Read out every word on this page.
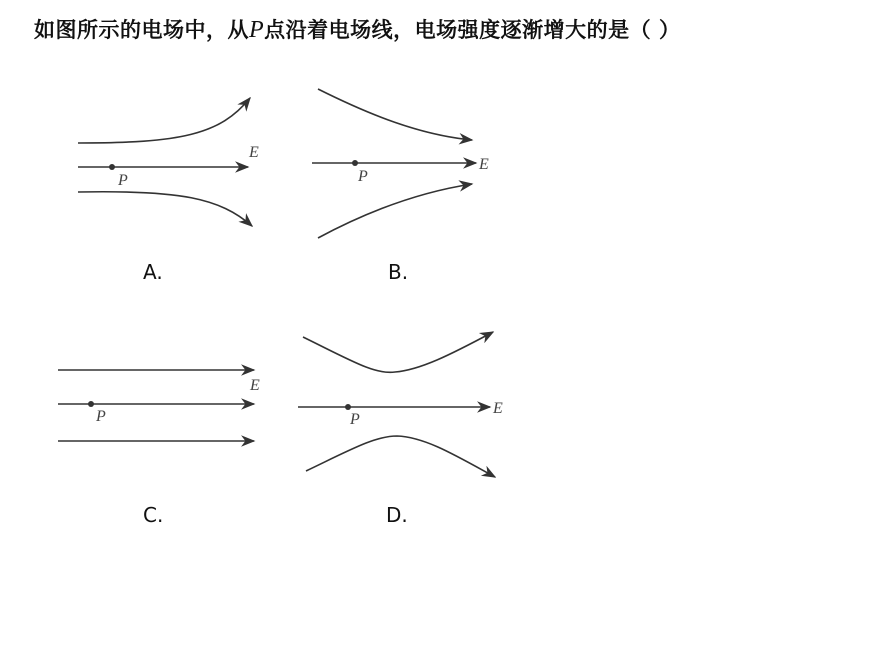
如图所示的电场中，从P点沿着电场线，电场强度逐渐增大的是（ ）
E
P
A.
E
P
B.
E
P
C.
E
P
D.
